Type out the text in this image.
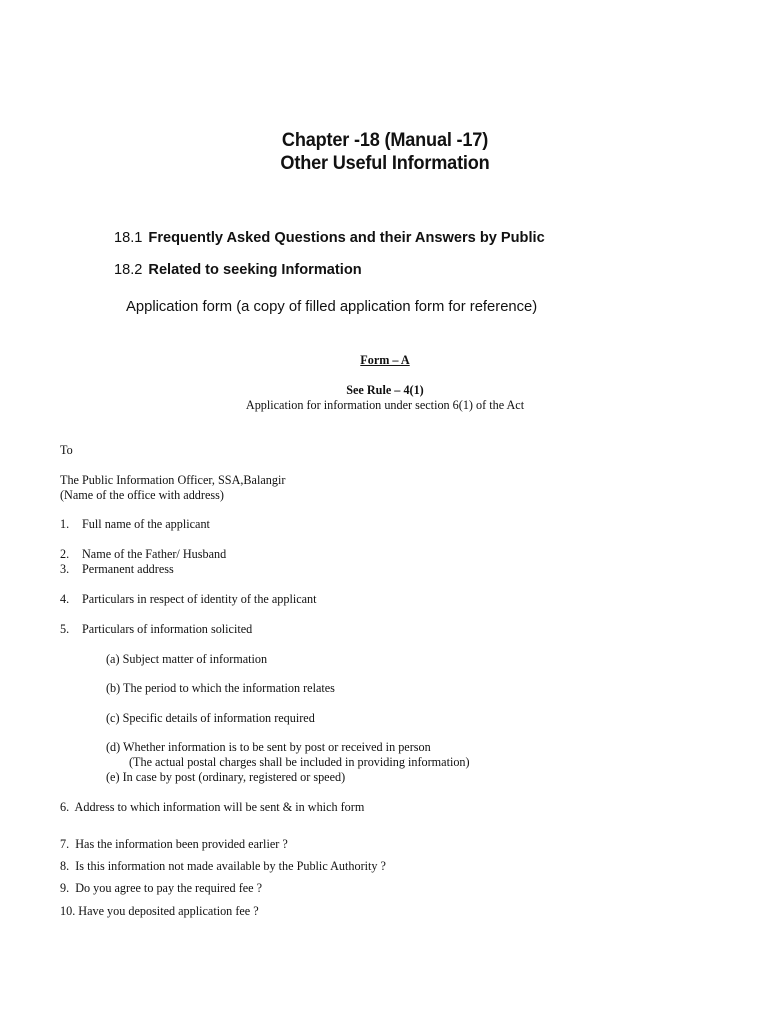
Chapter -18 (Manual -17)
Other Useful Information
18.1 Frequently Asked Questions and their Answers by Public
18.2 Related to seeking Information
Application form (a copy of filled application form for reference)
Form – A
See Rule – 4(1)
Application for information under section 6(1) of the Act
To
The Public Information Officer, SSA,Balangir
(Name of the office with address)
1.	Full name of the applicant
2.	Name of the Father/ Husband
3.	Permanent address
4.	Particulars in respect of identity of the applicant
5.	Particulars of information solicited
(a) Subject matter of information
(b) The period to which the information relates
(c) Specific details of information required
(d) Whether information is to be sent by post or received in person
(The actual postal charges shall be included in providing information)
(e) In case by post (ordinary, registered or speed)
6.  Address to which information will be sent & in which form
7.  Has the information been provided earlier ?
8.  Is this information not made available by the Public Authority ?
9.  Do you agree to pay the required fee ?
10. Have you deposited application fee ?
